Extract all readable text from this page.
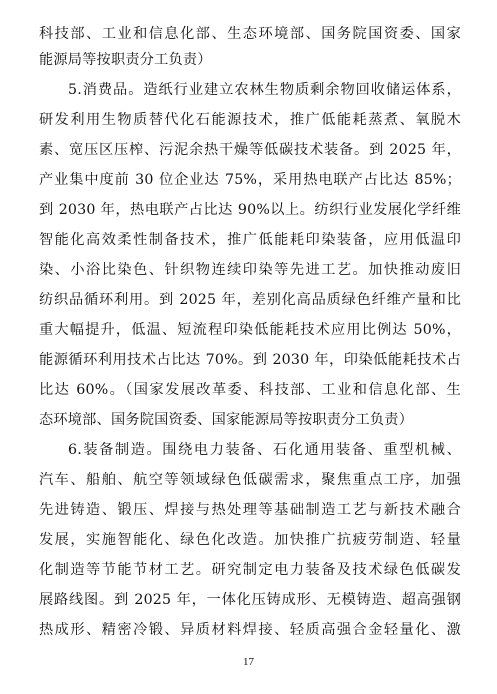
科技部、工业和信息化部、生态环境部、国务院国资委、国家
能源局等按职责分工负责）
5.消费品。造纸行业建立农林生物质剩余物回收储运体系，
研发利用生物质替代化石能源技术，推广低能耗蒸煮、氧脱木
素、宽压区压榨、污泥余热干燥等低碳技术装备。到 2025 年，
产业集中度前 30 位企业达 75%，采用热电联产占比达 85%；
到 2030 年，热电联产占比达 90%以上。纺织行业发展化学纤维
智能化高效柔性制备技术，推广低能耗印染装备，应用低温印
染、小浴比染色、针织物连续印染等先进工艺。加快推动废旧
纺织品循环利用。到 2025 年，差别化高品质绿色纤维产量和比
重大幅提升，低温、短流程印染低能耗技术应用比例达 50%，
能源循环利用技术占比达 70%。到 2030 年，印染低能耗技术占
比达 60%。（国家发展改革委、科技部、工业和信息化部、生
态环境部、国务院国资委、国家能源局等按职责分工负责）
6.装备制造。围绕电力装备、石化通用装备、重型机械、
汽车、船舶、航空等领域绿色低碳需求，聚焦重点工序，加强
先进铸造、锻压、焊接与热处理等基础制造工艺与新技术融合
发展，实施智能化、绿色化改造。加快推广抗疲劳制造、轻量
化制造等节能节材工艺。研究制定电力装备及技术绿色低碳发
展路线图。到 2025 年，一体化压铸成形、无模铸造、超高强钢
热成形、精密冷锻、异质材料焊接、轻质高强合金轻量化、激
17
